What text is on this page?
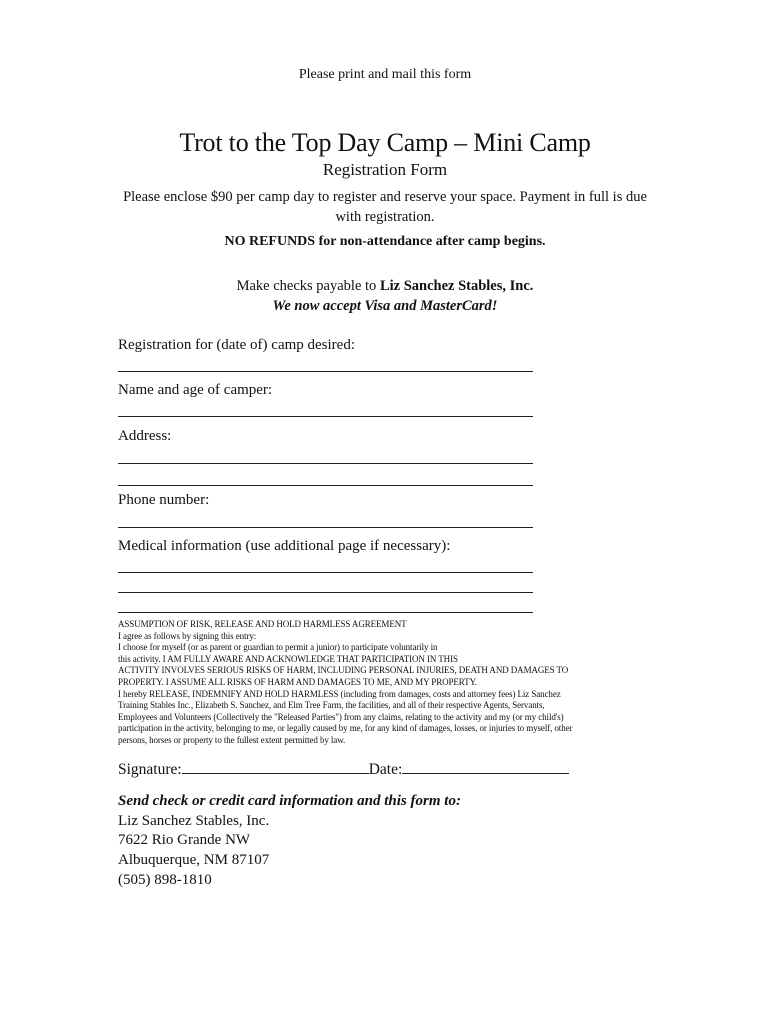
Please print and mail this form
Trot to the Top Day Camp – Mini Camp
Registration Form
Please enclose $90 per camp day to register and reserve your space. Payment in full is due with registration.
NO REFUNDS for non-attendance after camp begins.
Make checks payable to Liz Sanchez Stables, Inc.
We now accept Visa and MasterCard!
Registration for (date of) camp desired:
Name and age of camper:
Address:
Phone number:
Medical information (use additional page if necessary):
ASSUMPTION OF RISK, RELEASE AND HOLD HARMLESS AGREEMENT
I agree as follows by signing this entry:
I choose for myself (or as parent or guardian to permit a junior) to participate voluntarily in
this activity. I AM FULLY AWARE AND ACKNOWLEDGE THAT PARTICIPATION IN THIS
ACTIVITY INVOLVES SERIOUS RISKS OF HARM, INCLUDING PERSONAL INJURIES, DEATH AND DAMAGES TO
PROPERTY. I ASSUME ALL RISKS OF HARM AND DAMAGES TO ME, AND MY PROPERTY.
I hereby RELEASE, INDEMNIFY AND HOLD HARMLESS (including from damages, costs and attorney fees) Liz Sanchez
Training Stables Inc., Elizabeth S. Sanchez, and Elm Tree Farm, the facilities, and all of their respective Agents, Servants,
Employees and Volunteers (Collectively the "Released Parties") from any claims, relating to the activity and my (or my child's)
participation in the activity, belonging to me, or legally caused by me, for any kind of damages, losses, or injuries to myself, other
persons, horses or property to the fullest extent permitted by law.
Signature:	Date:
Send check or credit card information and this form to:
Liz Sanchez Stables, Inc.
7622 Rio Grande NW
Albuquerque, NM 87107
(505) 898-1810
